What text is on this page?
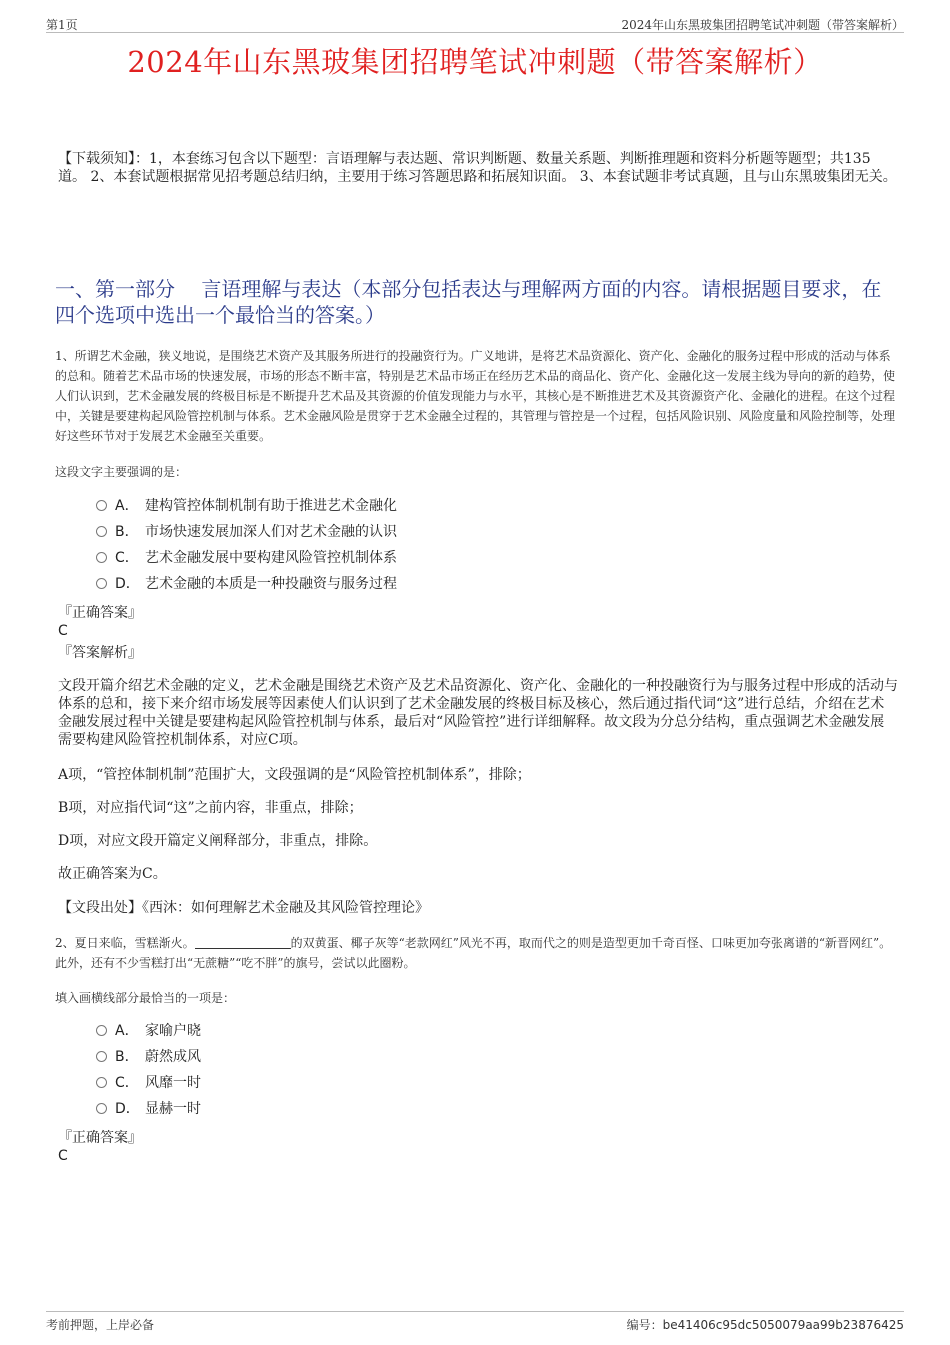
第1页	2024年山东黑玻集团招聘笔试冲刺题（带答案解析）
2024年山东黑玻集团招聘笔试冲刺题（带答案解析）
【下载须知】：1，本套练习包含以下题型：言语理解与表达题、常识判断题、数量关系题、判断推理题和资料分析题等题型；共135道。 2、本套试题根据常见招考题总结归纳，主要用于练习答题思路和拓展知识面。 3、本套试题非考试真题，且与山东黑玻集团无关。
一、第一部分　 言语理解与表达（本部分包括表达与理解两方面的内容。请根据题目要求，在四个选项中选出一个最恰当的答案。）
1、所谓艺术金融，狭义地说，是围绕艺术资产及其服务所进行的投融资行为。广义地讲，是将艺术品资源化、资产化、金融化的服务过程中形成的活动与体系的总和。随着艺术品市场的快速发展，市场的形态不断丰富，特别是艺术品市场正在经历艺术品的商品化、资产化、金融化这一发展主线为导向的新的趋势，使人们认识到，艺术金融发展的终极目标是不断提升艺术品及其资源的价值发现能力与水平，其核心是不断推进艺术及其资源资产化、金融化的进程。在这个过程中，关键是要建构起风险管控机制与体系。艺术金融风险是贯穿于艺术金融全过程的，其管理与管控是一个过程，包括风险识别、风险度量和风险控制等，处理好这些环节对于发展艺术金融至关重要。
这段文字主要强调的是：
A． 建构管控体制机制有助于推进艺术金融化
B． 市场快速发展加深人们对艺术金融的认识
C． 艺术金融发展中要构建风险管控机制体系
D． 艺术金融的本质是一种投融资与服务过程
『正确答案』
C
『答案解析』
文段开篇介绍艺术金融的定义，艺术金融是围绕艺术资产及艺术品资源化、资产化、金融化的一种投融资行为与服务过程中形成的活动与体系的总和，接下来介绍市场发展等因素使人们认识到了艺术金融发展的终极目标及核心，然后通过指代词“这”进行总结，介绍在艺术金融发展过程中关键是要建构起风险管控机制与体系，最后对“风险管控”进行详细解释。故文段为分总分结构，重点强调艺术金融发展需要构建风险管控机制体系，对应C项。
A项，“管控体制机制”范围扩大，文段强调的是“风险管控机制体系”，排除；
B项，对应指代词“这”之前内容，非重点，排除；
D项，对应文段开篇定义阐释部分，非重点，排除。
故正确答案为C。
【文段出处】《西沐：如何理解艺术金融及其风险管控理论》
2、夏日来临，雪糕渐火。	的双黄蛋、椰子灰等“老款网红”风光不再，取而代之的则是造型更加千奇百怪、口味更加夸张离谱的“新晋网红”。此外，还有不少雪糕打出“无蔗糖”“吃不胖”的旗号，尝试以此圈粉。
填入画横线部分最恰当的一项是：
A． 家喻户晓
B． 蔚然成风
C． 风靡一时
D． 显赫一时
『正确答案』
C
考前押题，上岸必备	编号：be41406c95dc5050079aa99b23876425
